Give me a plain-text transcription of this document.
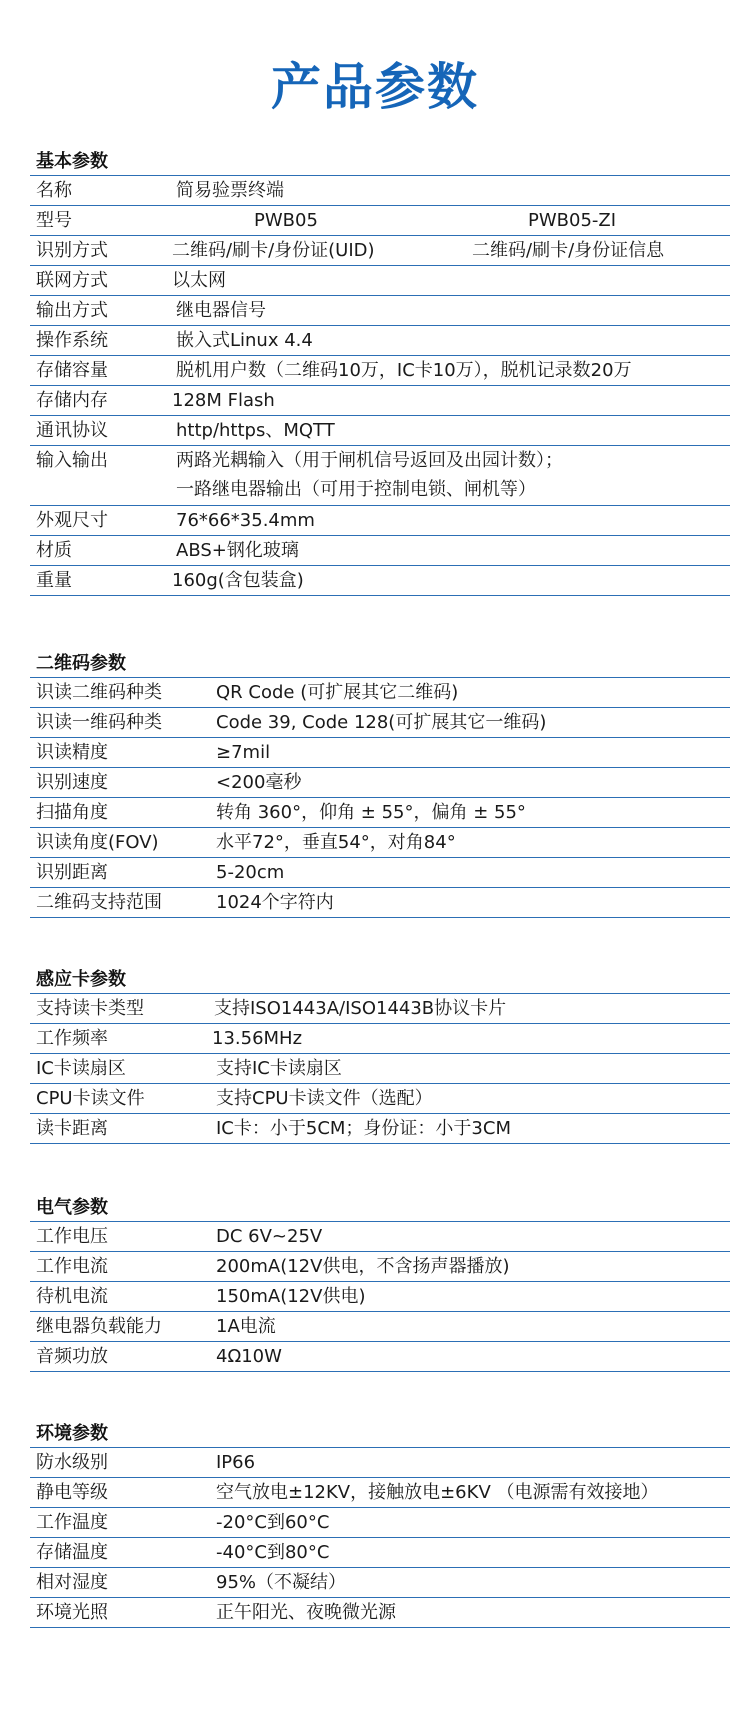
产品参数
基本参数
名称	简易验票终端
型号	PWB05	PWB05-ZI
识别方式	二维码/刷卡/身份证(UID)	二维码/刷卡/身份证信息
联网方式	以太网
输出方式	继电器信号
操作系统	嵌入式Linux 4.4
存储容量	脱机用户数（二维码10万，IC卡10万），脱机记录数20万
存储内存	128M Flash
通讯协议	http/https、MQTT
输入输出	两路光耦输入（用于闸机信号返回及出园计数）；
一路继电器输出（可用于控制电锁、闸机等）
外观尺寸	76*66*35.4mm
材质	ABS+钢化玻璃
重量	160g(含包装盒)
二维码参数
识读二维码种类	QR Code (可扩展其它二维码)
识读一维码种类	Code 39, Code 128(可扩展其它一维码)
识读精度	≥7mil
识别速度	<200毫秒
扫描角度	转角 360°，仰角 ± 55°，偏角 ± 55°
识读角度(FOV)	水平72°，垂直54°，对角84°
识别距离	5-20cm
二维码支持范围	1024个字符内
感应卡参数
支持读卡类型	支持ISO1443A/ISO1443B协议卡片
工作频率	13.56MHz
IC卡读扇区	支持IC卡读扇区
CPU卡读文件	支持CPU卡读文件（选配）
读卡距离	IC卡：小于5CM；身份证：小于3CM
电气参数
工作电压	DC 6V~25V
工作电流	200mA(12V供电，不含扬声器播放)
待机电流	150mA(12V供电)
继电器负载能力	1A电流
音频功放	4Ω10W
环境参数
防水级别	IP66
静电等级	空气放电±12KV，接触放电±6KV （电源需有效接地）
工作温度	-20°C到60°C
存储温度	-40°C到80°C
相对湿度	95%（不凝结）
环境光照	正午阳光、夜晚微光源
